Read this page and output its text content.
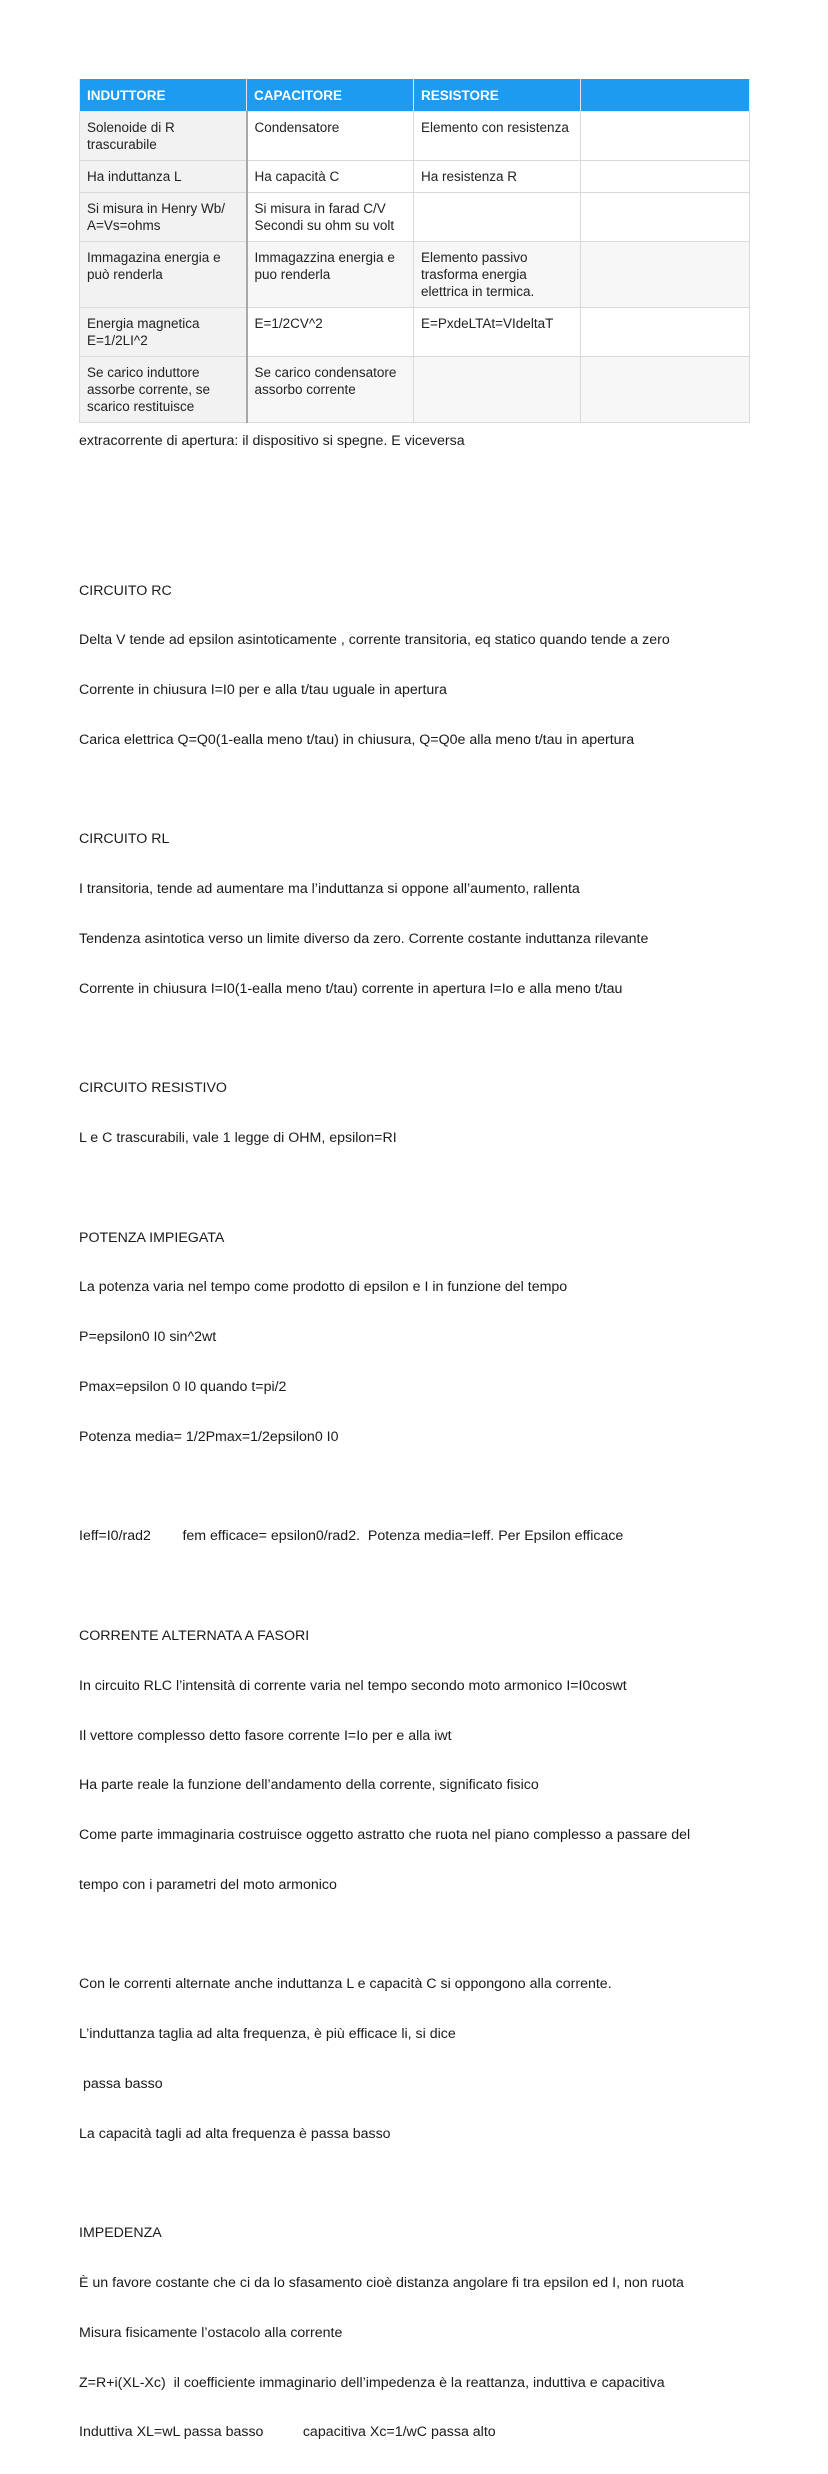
INDUTTORE	CAPACITORE	RESISTORE	
Solenoide di R trascurabile	Condensatore	Elemento con resistenza	
Ha induttanza L	Ha capacità C	Ha resistenza R	
Si misura in Henry Wb/ A=Vs=ohms	Si misura in farad C/V Secondi su ohm su volt		
Immagazina energia e può renderla	Immagazzina energia e puo renderla	Elemento passivo trasforma energia elettrica in termica.	
Energia magnetica E=1/2LI^2	E=1/2CV^2	E=PxdeLTAt=VIdeltaT	
Se carico induttore assorbe corrente, se scarico restituisce	Se carico condensatore assorbo corrente		

extracorrente di apertura: il dispositivo si spegne. E viceversa

CIRCUITO RC

Delta V tende ad epsilon asintoticamente , corrente transitoria, eq statico quando tende a zero

Corrente in chiusura I=I0 per e alla t/tau uguale in apertura

Carica elettrica Q=Q0(1-ealla meno t/tau) in chiusura, Q=Q0e alla meno t/tau in apertura

CIRCUITO RL

I transitoria, tende ad aumentare ma l’induttanza si oppone all’aumento, rallenta

Tendenza asintotica verso un limite diverso da zero. Corrente costante induttanza rilevante

Corrente in chiusura I=I0(1-ealla meno t/tau) corrente in apertura I=Io e alla meno t/tau

CIRCUITO RESISTIVO

L e C trascurabili, vale 1 legge di OHM, epsilon=RI

POTENZA IMPIEGATA

La potenza varia nel tempo come prodotto di epsilon e I in funzione del tempo

P=epsilon0 I0 sin^2wt

Pmax=epsilon 0 I0 quando t=pi/2

Potenza media= 1/2Pmax=1/2epsilon0 I0

Ieff=I0/rad2        fem efficace= epsilon0/rad2.  Potenza media=Ieff. Per Epsilon efficace

CORRENTE ALTERNATA A FASORI

In circuito RLC l’intensità di corrente varia nel tempo secondo moto armonico I=I0coswt

Il vettore complesso detto fasore corrente I=Io per e alla iwt

Ha parte reale la funzione dell’andamento della corrente, significato fisico

Come parte immaginaria costruisce oggetto astratto che ruota nel piano complesso a passare del

tempo con i parametri del moto armonico

Con le correnti alternate anche induttanza L e capacità C si oppongono alla corrente.

L’induttanza taglia ad alta frequenza, è più efficace li, si dice

passa basso

La capacità tagli ad alta frequenza è passa basso

IMPEDENZA

È un favore costante che ci da lo sfasamento cioè distanza angolare fi tra epsilon ed I, non ruota

Misura fisicamente l’ostacolo alla corrente

Z=R+i(XL-Xc)  il coefficiente immaginario dell’impedenza è la reattanza, induttiva e capacitiva

Induttiva XL=wL passa basso          capacitiva Xc=1/wC passa alto
